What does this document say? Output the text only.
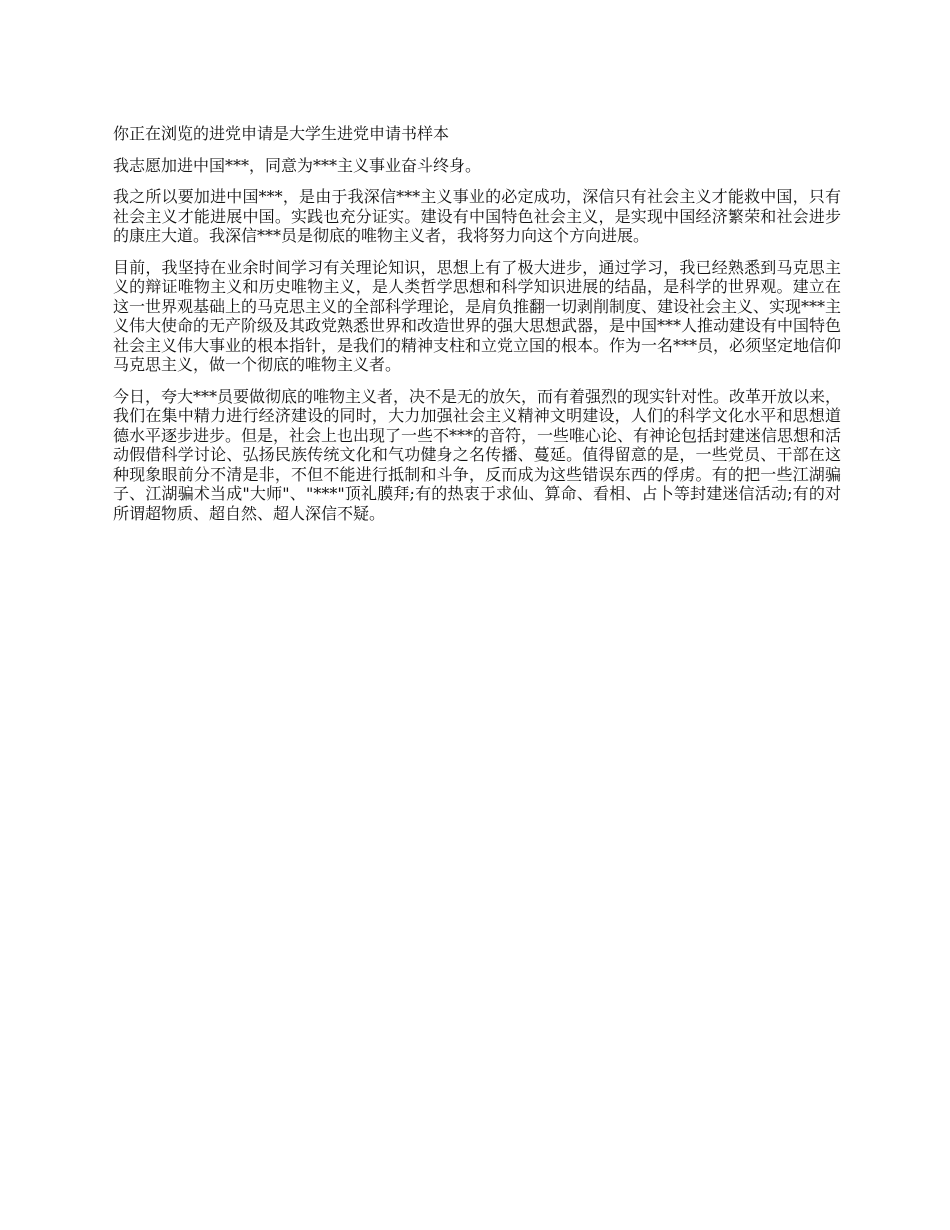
你正在浏览的进党申请是大学生进党申请书样本

我志愿加进中国***，同意为***主义事业奋斗终身。

我之所以要加进中国***，是由于我深信***主义事业的必定成功，深信只有社会主义才能救中国，只有社会主义才能进展中国。实践也充分证实。建设有中国特色社会主义，是实现中国经济繁荣和社会进步的康庄大道。我深信***员是彻底的唯物主义者，我将努力向这个方向进展。

目前，我坚持在业余时间学习有关理论知识，思想上有了极大进步，通过学习，我已经熟悉到马克思主义的辩证唯物主义和历史唯物主义，是人类哲学思想和科学知识进展的结晶，是科学的世界观。建立在这一世界观基础上的马克思主义的全部科学理论，是肩负推翻一切剥削制度、建设社会主义、实现***主义伟大使命的无产阶级及其政党熟悉世界和改造世界的强大思想武器，是中国***人推动建设有中国特色社会主义伟大事业的根本指针，是我们的精神支柱和立党立国的根本。作为一名***员，必须坚定地信仰马克思主义，做一个彻底的唯物主义者。

今日，夸大***员要做彻底的唯物主义者，决不是无的放矢，而有着强烈的现实针对性。改革开放以来，我们在集中精力进行经济建设的同时，大力加强社会主义精神文明建设，人们的科学文化水平和思想道德水平逐步进步。但是，社会上也出现了一些不***的音符，一些唯心论、有神论包括封建迷信思想和活动假借科学讨论、弘扬民族传统文化和气功健身之名传播、蔓延。值得留意的是，一些党员、干部在这种现象眼前分不清是非，不但不能进行抵制和斗争，反而成为这些错误东西的俘虏。有的把一些江湖骗子、江湖骗术当成"大师"、"***"顶礼膜拜;有的热衷于求仙、算命、看相、占卜等封建迷信活动;有的对所谓超物质、超自然、超人深信不疑。
